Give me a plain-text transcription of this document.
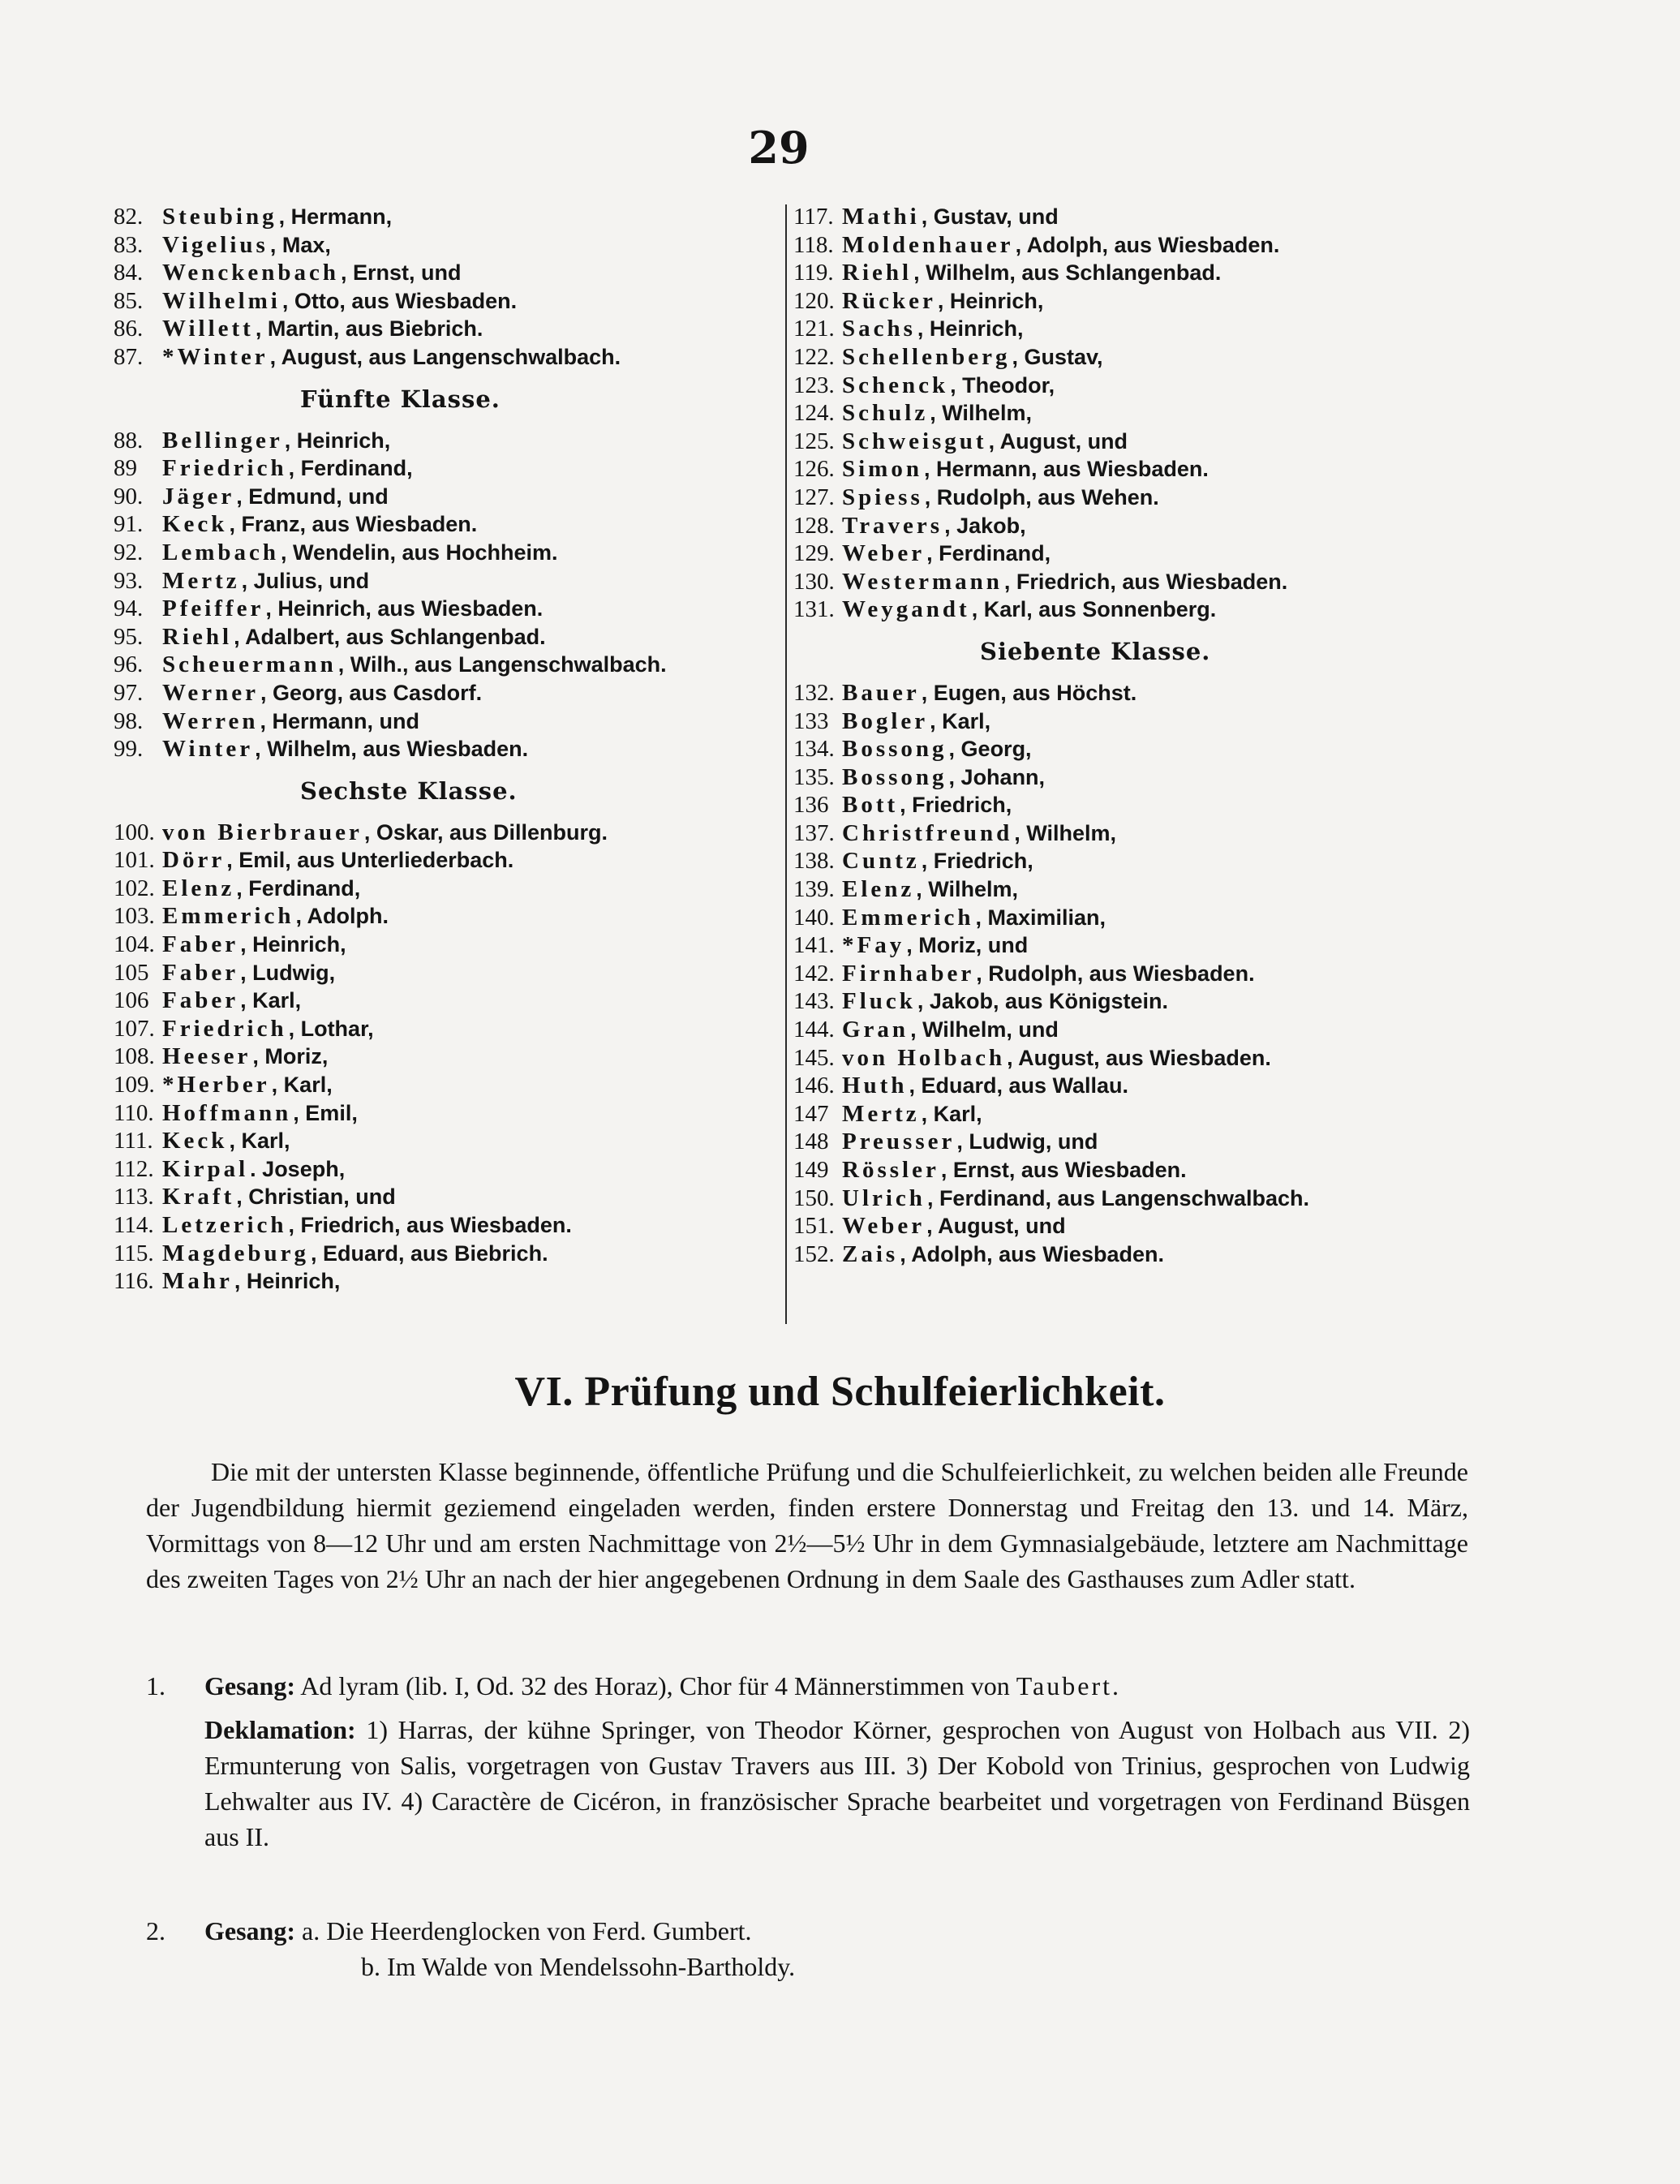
29
82. Steubing , Hermann,
83. Vigelius , Max,
84. Wenckenbach , Ernst, und
85. Wilhelmi , Otto, aus Wiesbaden.
86. Willett , Martin, aus Biebrich.
87. *Winter , August, aus Langenschwalbach.
Fünfte Klasse.
88. Bellinger , Heinrich,
89	Friedrich , Ferdinand,
90. Jäger , Edmund, und
91. Keck , Franz, aus Wiesbaden.
92. Lembach , Wendelin, aus Hochheim.
93. Mertz , Julius, und
94. Pfeiffer , Heinrich, aus Wiesbaden.
95. Riehl , Adalbert, aus Schlangenbad.
96. Scheuermann , Wilh., aus Langenschwalbach.
97. Werner , Georg, aus Casdorf.
98. Werren , Hermann, und
99. Winter , Wilhelm, aus Wiesbaden.
Sechste Klasse.
100. von Bierbrauer , Oskar, aus Dillenburg.
101. Dörr , Emil, aus Unterliederbach.
102. Elenz , Ferdinand,
103. Emmerich , Adolph.
104. Faber , Heinrich,
105 Faber , Ludwig,
106 Faber , Karl,
107. Friedrich , Lothar,
108. Heeser , Moriz,
109. *Herber , Karl,
110. Hoffmann , Emil,
111. Keck , Karl,
112. Kirpal . Joseph,
113. Kraft , Christian, und
114. Letzerich , Friedrich, aus Wiesbaden.
115. Magdeburg , Eduard, aus Biebrich.
116. Mahr , Heinrich,
117. Mathi , Gustav, und
118. Moldenhauer , Adolph, aus Wiesbaden.
119. Riehl , Wilhelm, aus Schlangenbad.
120. Rücker , Heinrich,
121. Sachs , Heinrich,
122. Schellenberg , Gustav,
123. Schenck , Theodor,
124. Schulz , Wilhelm,
125. Schweisgut , August, und
126. Simon , Hermann, aus Wiesbaden.
127. Spiess , Rudolph, aus Wehen.
128. Travers , Jakob,
129. Weber , Ferdinand,
130. Westermann , Friedrich, aus Wiesbaden.
131. Weygandt , Karl, aus Sonnenberg.
Siebente Klasse.
132. Bauer , Eugen, aus Höchst.
133 Bogler , Karl,
134. Bossong , Georg,
135. Bossong , Johann,
136 Bott , Friedrich,
137. Christfreund , Wilhelm,
138. Cuntz , Friedrich,
139. Elenz , Wilhelm,
140. Emmerich , Maximilian,
141. *Fay , Moriz, und
142. Firnhaber , Rudolph, aus Wiesbaden.
143. Fluck , Jakob, aus Königstein.
144. Gran , Wilhelm, und
145. von Holbach , August, aus Wiesbaden.
146. Huth , Eduard, aus Wallau.
147 Mertz , Karl,
148 Preusser , Ludwig, und
149 Rössler , Ernst, aus Wiesbaden.
150. Ulrich , Ferdinand, aus Langenschwalbach.
151. Weber , August, und
152. Zais , Adolph, aus Wiesbaden.
VI. Prüfung und Schulfeierlichkeit.
Die mit der untersten Klasse beginnende, öffentliche Prüfung und die Schulfeierlichkeit, zu welchen beiden alle Freunde der Jugendbildung hiermit geziemend eingeladen werden, finden erstere Donnerstag und Freitag den 13. und 14. März, Vormittags von 8—12 Uhr und am ersten Nachmittage von 2½—5½ Uhr in dem Gymnasialgebäude, letztere am Nachmittage des zweiten Tages von 2½ Uhr an nach der hier angegebenen Ordnung in dem Saale des Gasthauses zum Adler statt.
1.	Gesang: Ad lyram (lib. I, Od. 32 des Horaz), Chor für 4 Männerstimmen von Taubert.
Deklamation: 1) Harras, der kühne Springer, von Theodor Körner, gesprochen von August von Holbach aus VII. 2) Ermunterung von Salis, vorgetragen von Gustav Travers aus III. 3) Der Kobold von Trinius, gesprochen von Ludwig Lehwalter aus IV. 4) Caractère de Cicéron, in französischer Sprache bearbeitet und vorgetragen von Ferdinand Büsgen aus II.
2.	Gesang: a. Die Heerdenglocken von Ferd. Gumbert.
b. Im Walde von Mendelssohn-Bartholdy.
